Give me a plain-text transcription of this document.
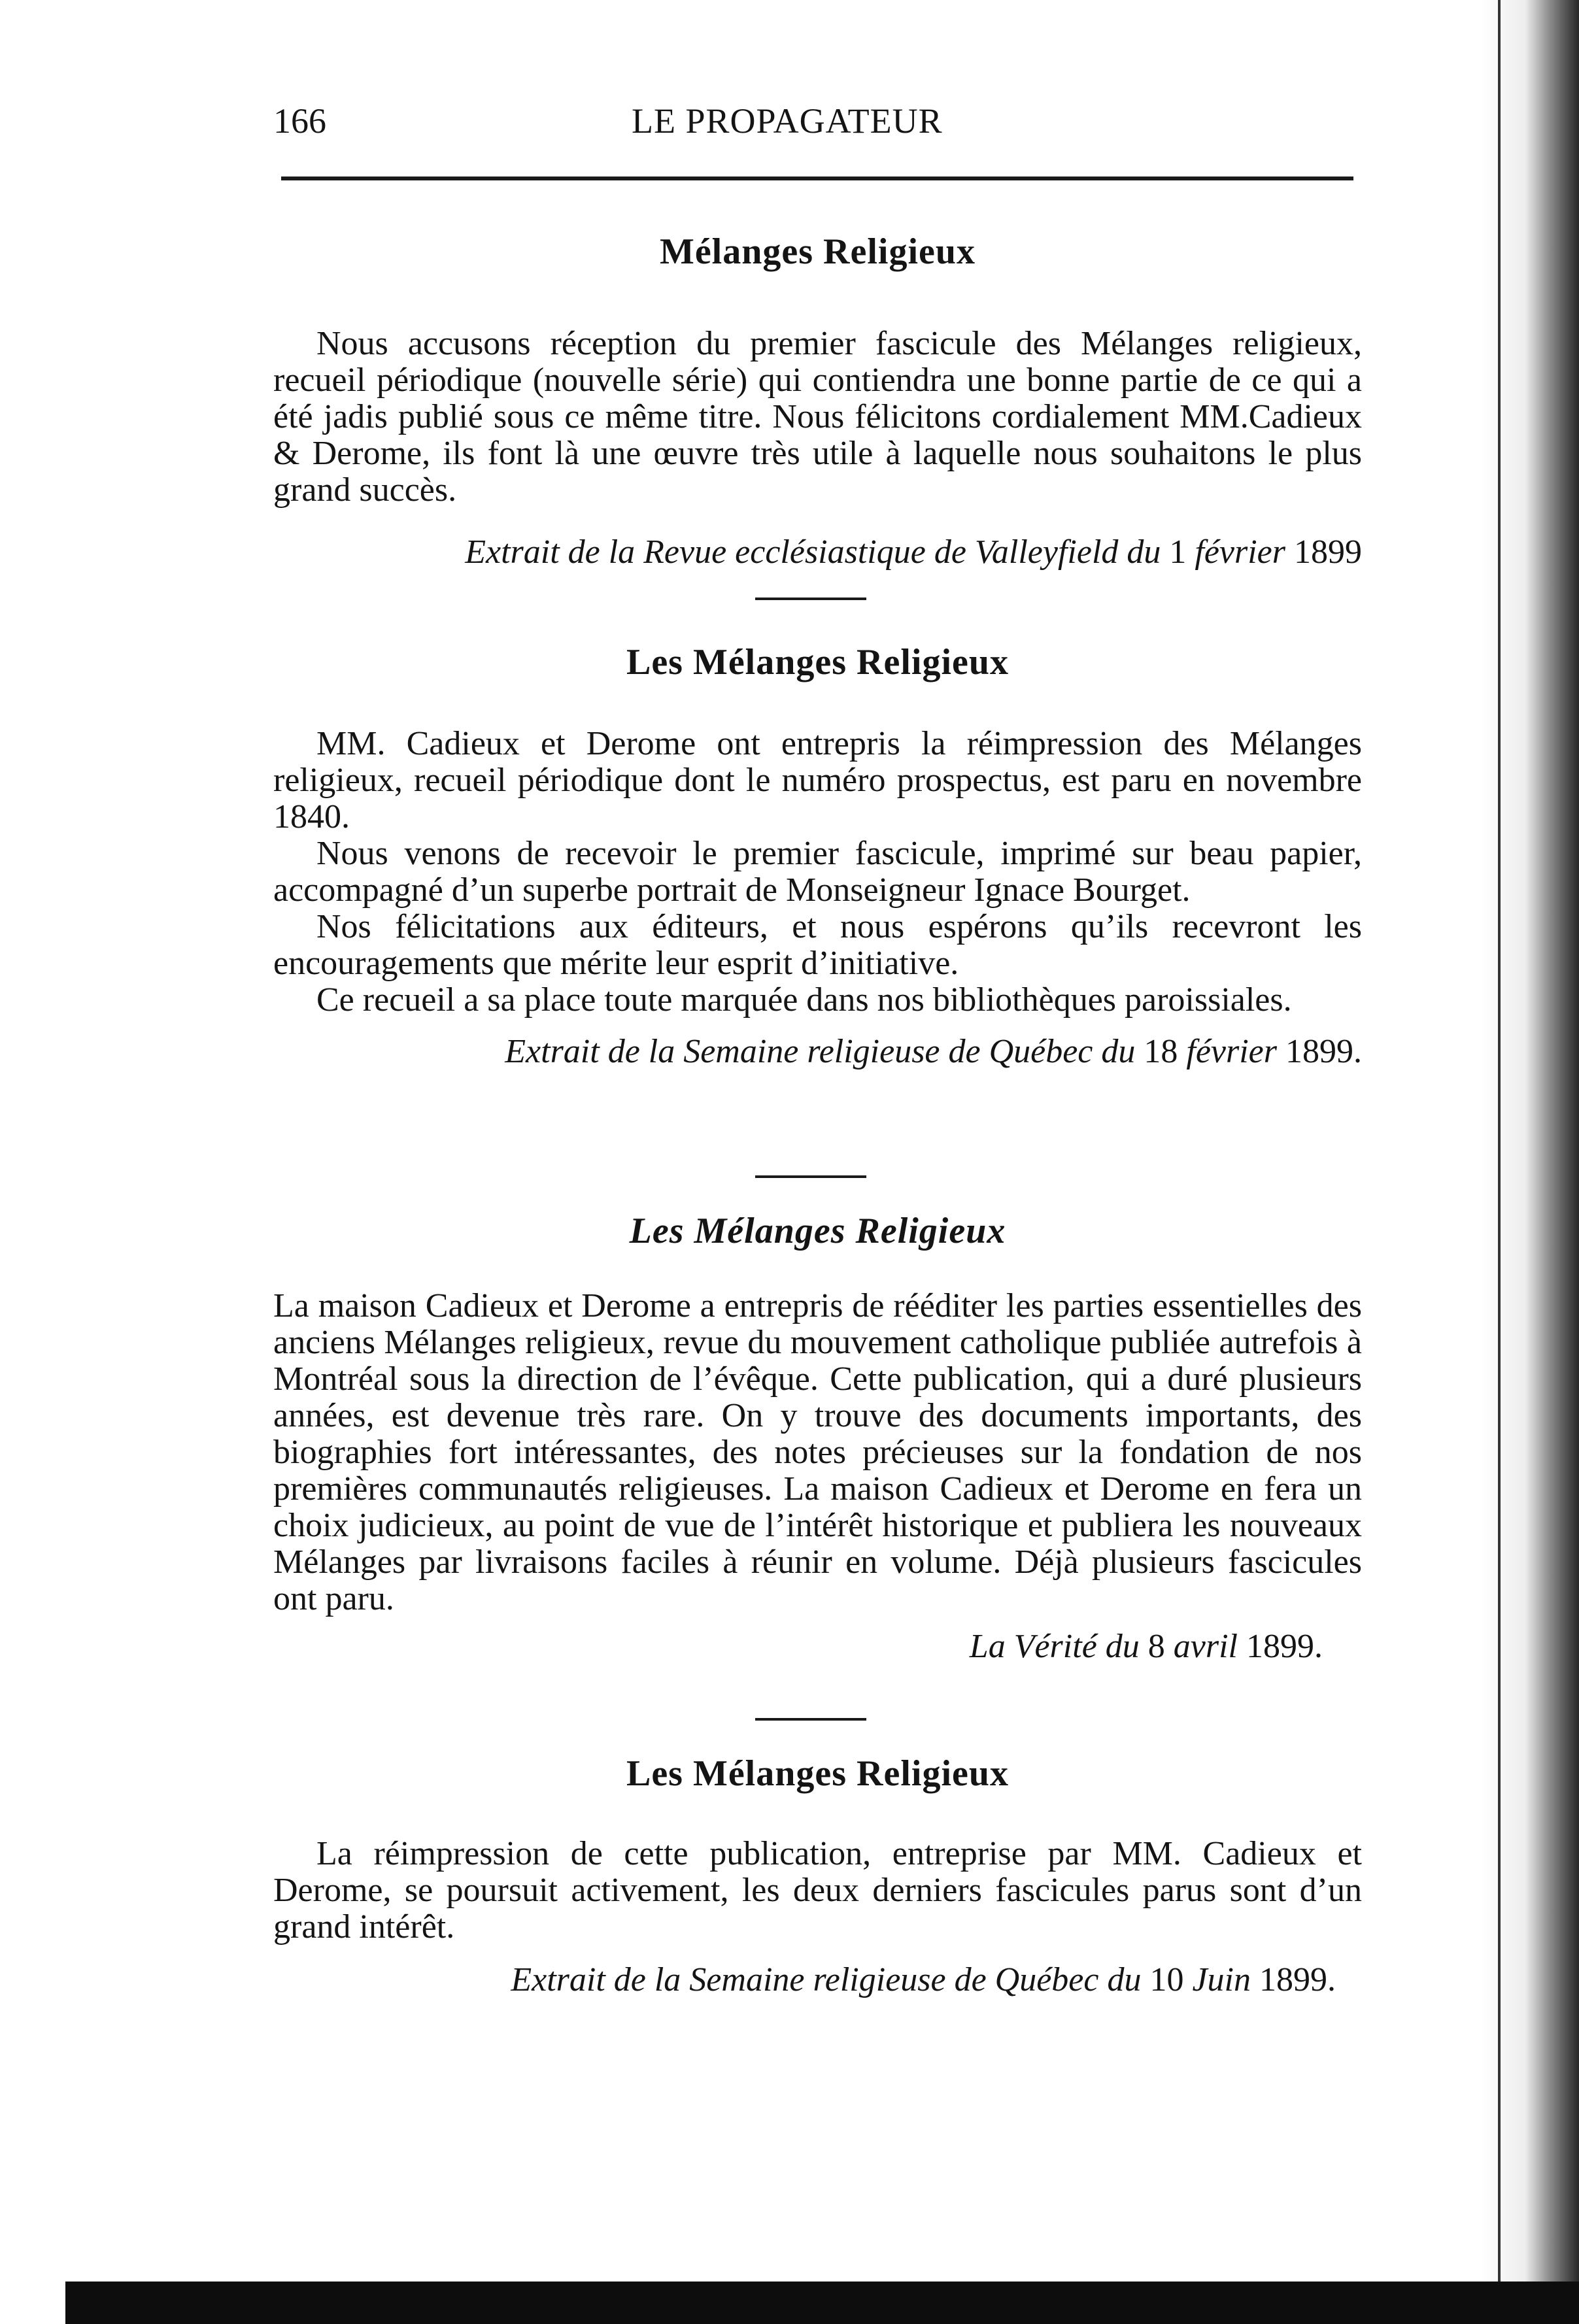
166	LE PROPAGATEUR
Mélanges Religieux

Nous accusons réception du premier fascicule des Mélanges religieux, recueil périodique (nouvelle série) qui contiendra une bonne partie de ce qui a été jadis publié sous ce même titre. Nous félicitons cordialement MM.Cadieux & Derome, ils font là une œuvre très utile à laquelle nous souhaitons le plus grand succès.

Extrait de la Revue ecclésiastique de Valleyfield du 1 février 1899

Les Mélanges Religieux

MM. Cadieux et Derome ont entrepris la réimpression des Mélanges religieux, recueil périodique dont le numéro prospectus, est paru en novembre 1840.

Nous venons de recevoir le premier fascicule, imprimé sur beau papier, accompagné d’un superbe portrait de Monseigneur Ignace Bourget.

Nos félicitations aux éditeurs, et nous espérons qu’ils recevront les encouragements que mérite leur esprit d’initiative.

Ce recueil a sa place toute marquée dans nos bibliothèques paroissiales.

Extrait de la Semaine religieuse de Québec du 18 février 1899.

Les Mélanges Religieux

La maison Cadieux et Derome a entrepris de rééditer les parties essentielles des anciens Mélanges religieux, revue du mouvement catholique publiée autrefois à Montréal sous la direction de l’évêque. Cette publication, qui a duré plusieurs années, est devenue très rare. On y trouve des documents importants, des biographies fort intéressantes, des notes précieuses sur la fondation de nos premières communautés religieuses. La maison Cadieux et Derome en fera un choix judicieux, au point de vue de l’intérêt historique et publiera les nouveaux Mélanges par livraisons faciles à réunir en volume. Déjà plusieurs fascicules ont paru.

La Vérité du 8 avril 1899.

Les Mélanges Religieux

La réimpression de cette publication, entreprise par MM. Cadieux et Derome, se poursuit activement, les deux derniers fascicules parus sont d’un grand intérêt.

Extrait de la Semaine religieuse de Québec du 10 Juin 1899.
